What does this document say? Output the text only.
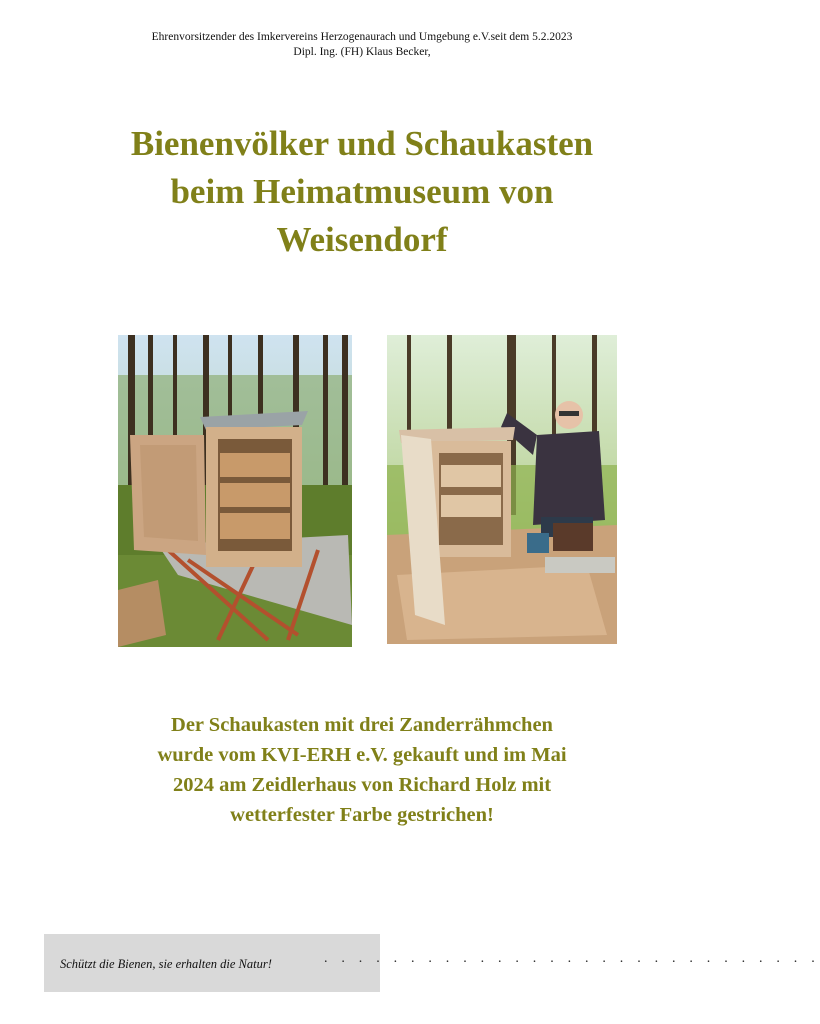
Ehrenvorsitzender des Imkervereins Herzogenaurach und Umgebung e.V.seit dem 5.2.2023
Dipl. Ing. (FH) Klaus Becker,
Bienenvölker und Schaukasten
beim Heimatmuseum von
Weisendorf

Der Schaukasten mit drei Zanderrähmchen
wurde vom KVI-ERH e.V. gekauft und im Mai
2024 am Zeidlerhaus von Richard Holz mit
wetterfester Farbe gestrichen!

Schützt die Bienen, sie erhalten die Natur!	. . . . . . . . . . . . . . . . . . . . . . . . . . . . .
